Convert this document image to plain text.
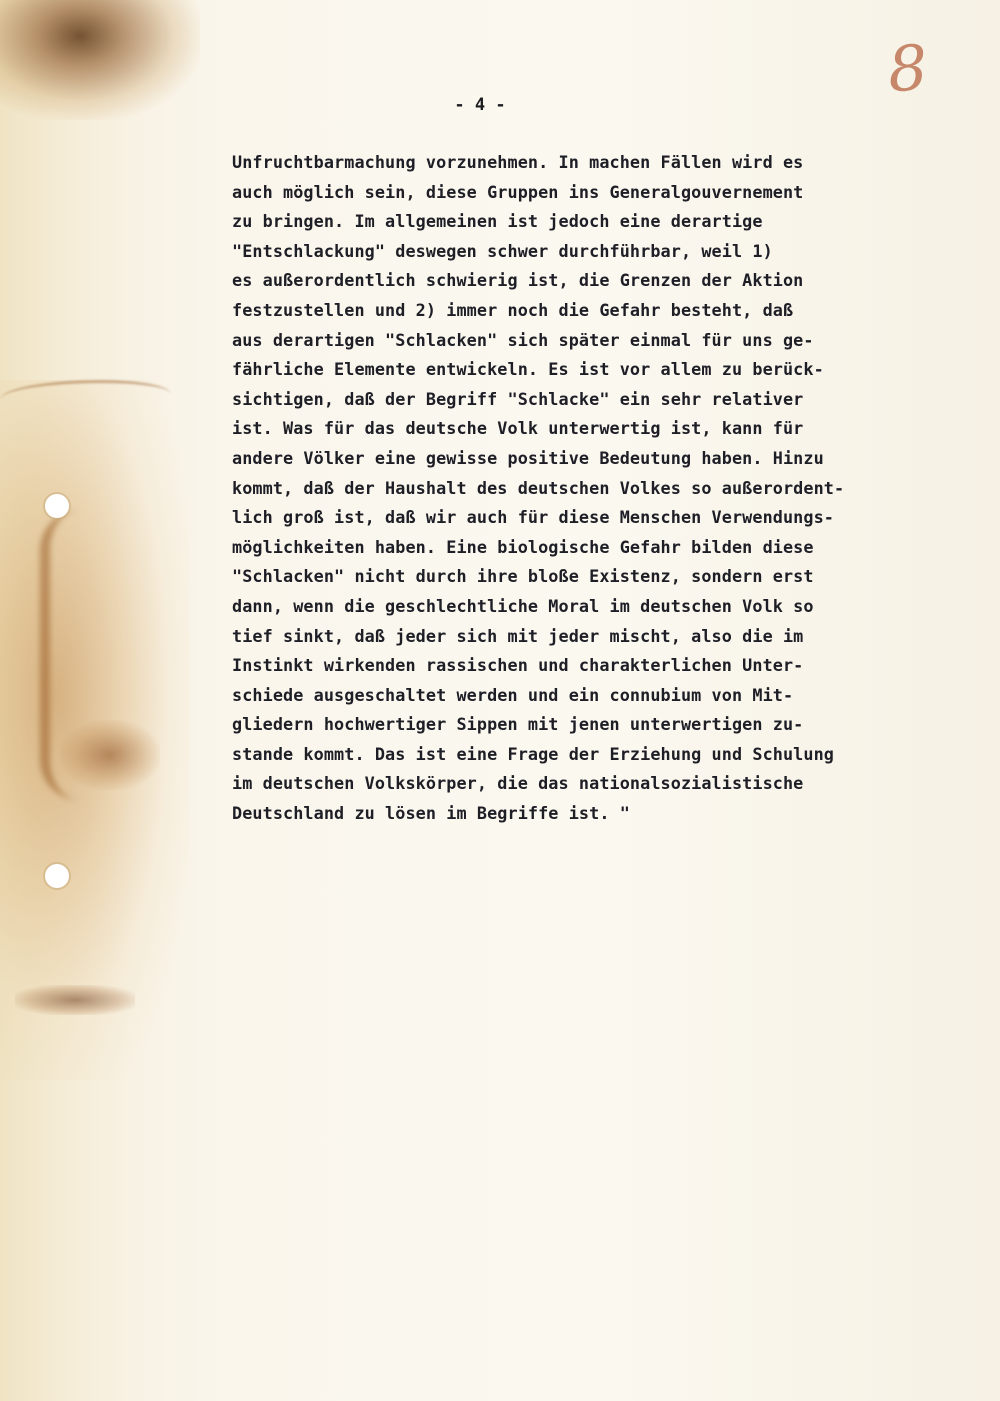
8
- 4 -
Unfruchtbarmachung vorzunehmen. In machen Fällen wird es
auch möglich sein, diese Gruppen ins Generalgouvernement
zu bringen. Im allgemeinen ist jedoch eine derartige
"Entschlackung" deswegen schwer durchführbar, weil 1)
es außerordentlich schwierig ist, die Grenzen der Aktion
festzustellen und 2) immer noch die Gefahr besteht, daß
aus derartigen "Schlacken" sich später einmal für uns ge-
fährliche Elemente entwickeln. Es ist vor allem zu berück-
sichtigen, daß der Begriff "Schlacke" ein sehr relativer
ist. Was für das deutsche Volk unterwertig ist, kann für
andere Völker eine gewisse positive Bedeutung haben. Hinzu
kommt, daß der Haushalt des deutschen Volkes so außerordent-
lich groß ist, daß wir auch für diese Menschen Verwendungs-
möglichkeiten haben. Eine biologische Gefahr bilden diese
"Schlacken" nicht durch ihre bloße Existenz, sondern erst
dann, wenn die geschlechtliche Moral im deutschen Volk so
tief sinkt, daß jeder sich mit jeder mischt, also die im
Instinkt wirkenden rassischen und charakterlichen Unter-
schiede ausgeschaltet werden und ein connubium von Mit-
gliedern hochwertiger Sippen mit jenen unterwertigen zu-
stande kommt. Das ist eine Frage der Erziehung und Schulung
im deutschen Volkskörper, die das nationalsozialistische
Deutschland zu lösen im Begriffe ist. "
